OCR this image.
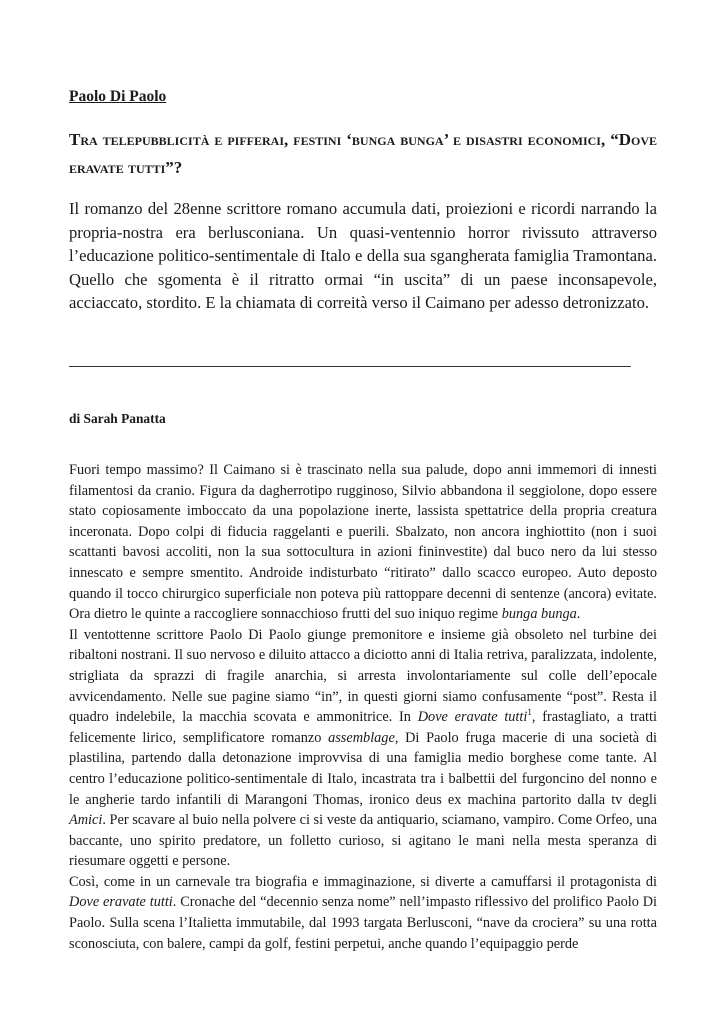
Paolo Di Paolo
Tra telepubblicità e pifferai, festini ‘bunga bunga’ e disastri economici, “Dove eravate tutti”?
Il romanzo del 28enne scrittore romano accumula dati, proiezioni e ricordi narrando la propria-nostra era berlusconiana. Un quasi-ventennio horror rivissuto attraverso l’educazione politico-sentimentale di Italo e della sua sgangherata famiglia Tramontana. Quello che sgomenta è il ritratto ormai “in uscita” di un paese inconsapevole, acciaccato, stordito. E la chiamata di correità verso il Caimano per adesso detronizzato.
di Sarah Panatta

Fuori tempo massimo? Il Caimano si è trascinato nella sua palude, dopo anni immemori di innesti filamentosi da cranio. Figura da dagherrotipo rugginoso, Silvio abbandona il seggiolone, dopo essere stato copiosamente imboccato da una popolazione inerte, lassista spettatrice della propria creatura inceronata. Dopo colpi di fiducia raggelanti e puerili. Sbalzato, non ancora inghiottito (non i suoi scattanti bavosi accoliti, non la sua sottocultura in azioni fininvestite) dal buco nero da lui stesso innescato e sempre smentito. Androide indisturbato “ritirato” dallo scacco europeo. Auto deposto quando il tocco chirurgico superficiale non poteva più rattoppare decenni di sentenze (ancora) evitate. Ora dietro le quinte a raccogliere sonnacchioso frutti del suo iniquo regime bunga bunga.

Il ventottenne scrittore Paolo Di Paolo giunge premonitore e insieme già obsoleto nel turbine dei ribaltoni nostrani. Il suo nervoso e diluito attacco a diciotto anni di Italia retriva, paralizzata, indolente, strigliata da sprazzi di fragile anarchia, si arresta involontariamente sul colle dell’epocale avvicendamento. Nelle sue pagine siamo “in”, in questi giorni siamo confusamente “post”. Resta il quadro indelebile, la macchia scovata e ammonitrice. In Dove eravate tutti$^1$, frastagliato, a tratti felicemente lirico, semplificatore romanzo assemblage, Di Paolo fruga macerie di una società di plastilina, partendo dalla detonazione improvvisa di una famiglia medio borghese come tante. Al centro l’educazione politico-sentimentale di Italo, incastrata tra i balbettii del furgoncino del nonno e le angherie tardo infantili di Marangoni Thomas, ironico deus ex machina partorito dalla tv degli Amici. Per scavare al buio nella polvere ci si veste da antiquario, sciamano, vampiro. Come Orfeo, una baccante, uno spirito predatore, un folletto curioso, si agitano le mani nella mesta speranza di riesumare oggetti e persone.

Così, come in un carnevale tra biografia e immaginazione, si diverte a camuffarsi il protagonista di Dove eravate tutti. Cronache del “decennio senza nome” nell’impasto riflessivo del prolifico Paolo Di Paolo. Sulla scena l’Italietta immutabile, dal 1993 targata Berlusconi, “nave da crociera” su una rotta sconosciuta, con balere, campi da golf, festini perpetui, anche quando l’equipaggio perde
